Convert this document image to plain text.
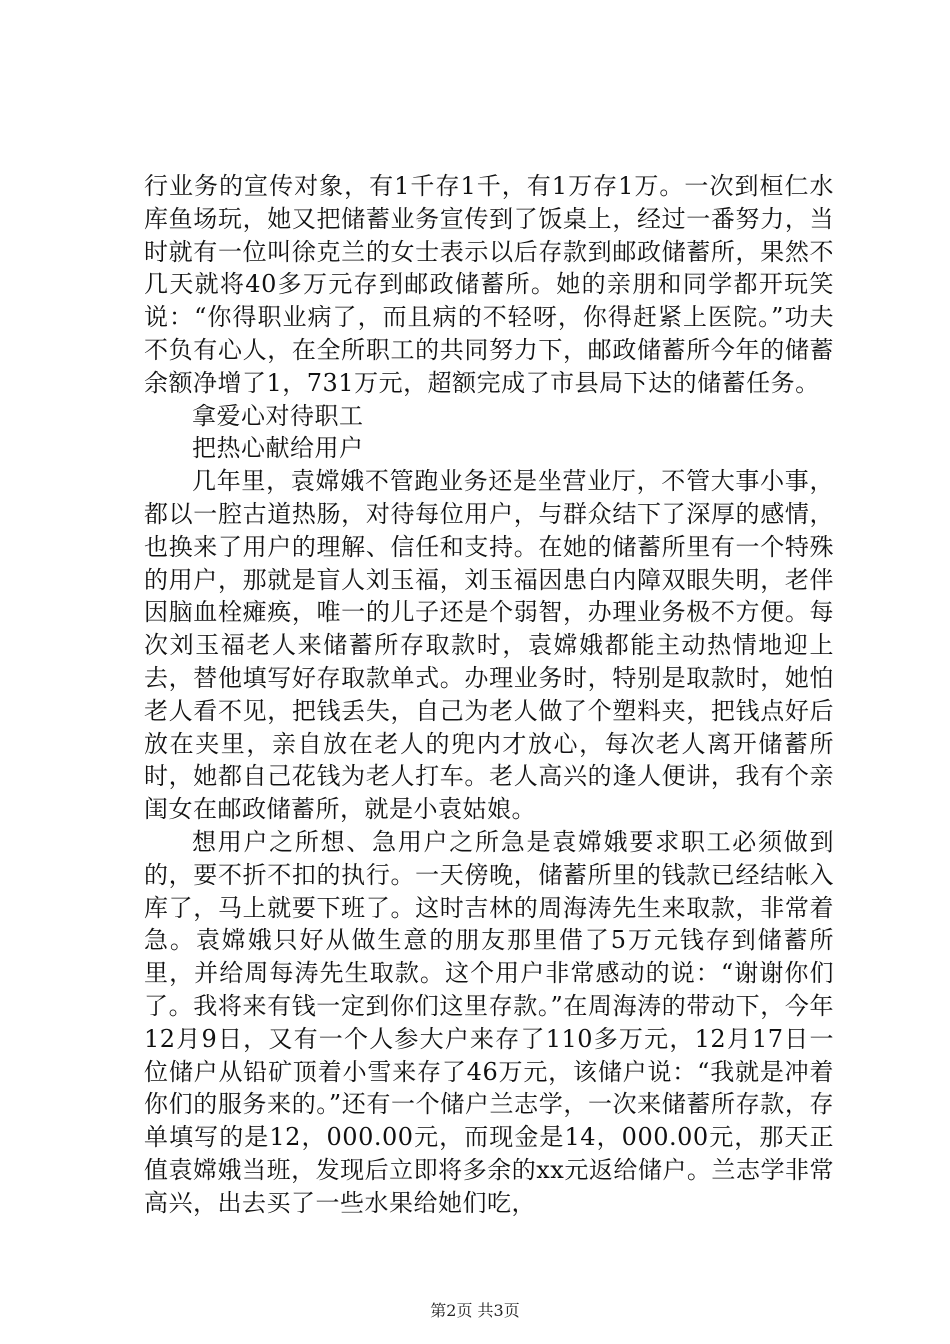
行业务的宣传对象，有1千存1千，有1万存1万。一次到桓仁水库鱼场玩，她又把储蓄业务宣传到了饭桌上，经过一番努力，当时就有一位叫徐克兰的女士表示以后存款到邮政储蓄所，果然不几天就将40多万元存到邮政储蓄所。她的亲朋和同学都开玩笑说：“你得职业病了，而且病的不轻呀，你得赶紧上医院。”功夫不负有心人，在全所职工的共同努力下，邮政储蓄所今年的储蓄余额净增了1，731万元，超额完成了市县局下达的储蓄任务。

拿爱心对待职工

把热心献给用户

几年里，袁嫦娥不管跑业务还是坐营业厅，不管大事小事，都以一腔古道热肠，对待每位用户，与群众结下了深厚的感情，也换来了用户的理解、信任和支持。在她的储蓄所里有一个特殊的用户，那就是盲人刘玉福，刘玉福因患白内障双眼失明，老伴因脑血栓瘫痪，唯一的儿子还是个弱智，办理业务极不方便。每次刘玉福老人来储蓄所存取款时，袁嫦娥都能主动热情地迎上去，替他填写好存取款单式。办理业务时，特别是取款时，她怕老人看不见，把钱丢失，自己为老人做了个塑料夹，把钱点好后放在夹里，亲自放在老人的兜内才放心，每次老人离开储蓄所时，她都自己花钱为老人打车。老人高兴的逢人便讲，我有个亲闺女在邮政储蓄所，就是小袁姑娘。

想用户之所想、急用户之所急是袁嫦娥要求职工必须做到的，要不折不扣的执行。一天傍晚，储蓄所里的钱款已经结帐入库了，马上就要下班了。这时吉林的周海涛先生来取款，非常着急。袁嫦娥只好从做生意的朋友那里借了5万元钱存到储蓄所里，并给周每涛先生取款。这个用户非常感动的说：“谢谢你们了。我将来有钱一定到你们这里存款。”在周海涛的带动下，今年12月9日，又有一个人参大户来存了110多万元，12月17日一位储户从铅矿顶着小雪来存了46万元，该储户说：“我就是冲着你们的服务来的。”还有一个储户兰志学，一次来储蓄所存款，存单填写的是12，000.00元，而现金是14，000.00元，那天正值袁嫦娥当班，发现后立即将多余的xx元返给储户。兰志学非常高兴，出去买了一些水果给她们吃，

第2页 共3页
